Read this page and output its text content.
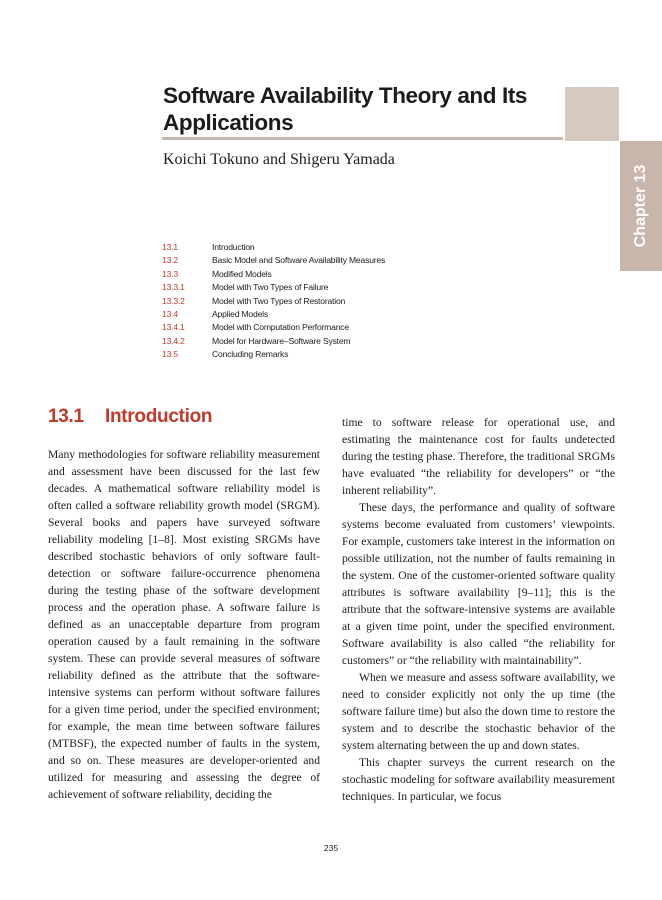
Software Availability Theory and Its
Applications
Chapter 13
Koichi Tokuno and Shigeru Yamada
13.1	Introduction
13.2	Basic Model and Software Availability Measures
13.3	Modified Models
13.3.1	Model with Two Types of Failure
13.3.2	Model with Two Types of Restoration
13.4	Applied Models
13.4.1	Model with Computation Performance
13.4.2	Model for Hardware–Software System
13.5	Concluding Remarks
13.1 Introduction

Many methodologies for software reliability measurement and assessment have been discussed for the last few decades. A mathematical software reliability model is often called a software reliability growth model (SRGM). Several books and papers have surveyed software reliability modeling [1–8]. Most existing SRGMs have described stochastic behaviors of only software fault-detection or software failure-occurrence phenomena during the testing phase of the software development process and the operation phase. A software failure is defined as an unacceptable departure from program operation caused by a fault remaining in the software system. These can provide several measures of software reliability defined as the attribute that the software-intensive systems can perform without software failures for a given time period, under the specified environment; for example, the mean time between software failures (MTBSF), the expected number of faults in the system, and so on. These measures are developer-oriented and utilized for measuring and assessing the degree of achievement of software reliability, deciding the

time to software release for operational use, and estimating the maintenance cost for faults undetected during the testing phase. Therefore, the traditional SRGMs have evaluated “the reliability for developers” or “the inherent reliability”.

These days, the performance and quality of software systems become evaluated from customers’ viewpoints. For example, customers take interest in the information on possible utilization, not the number of faults remaining in the system. One of the customer-oriented software quality attributes is software availability [9–11]; this is the attribute that the software-intensive systems are available at a given time point, under the specified environment. Software availability is also called “the reliability for customers” or “the reliability with maintainability”.

When we measure and assess software availability, we need to consider explicitly not only the up time (the software failure time) but also the down time to restore the system and to describe the stochastic behavior of the system alternating between the up and down states.

This chapter surveys the current research on the stochastic modeling for software availability measurement techniques. In particular, we focus

235
